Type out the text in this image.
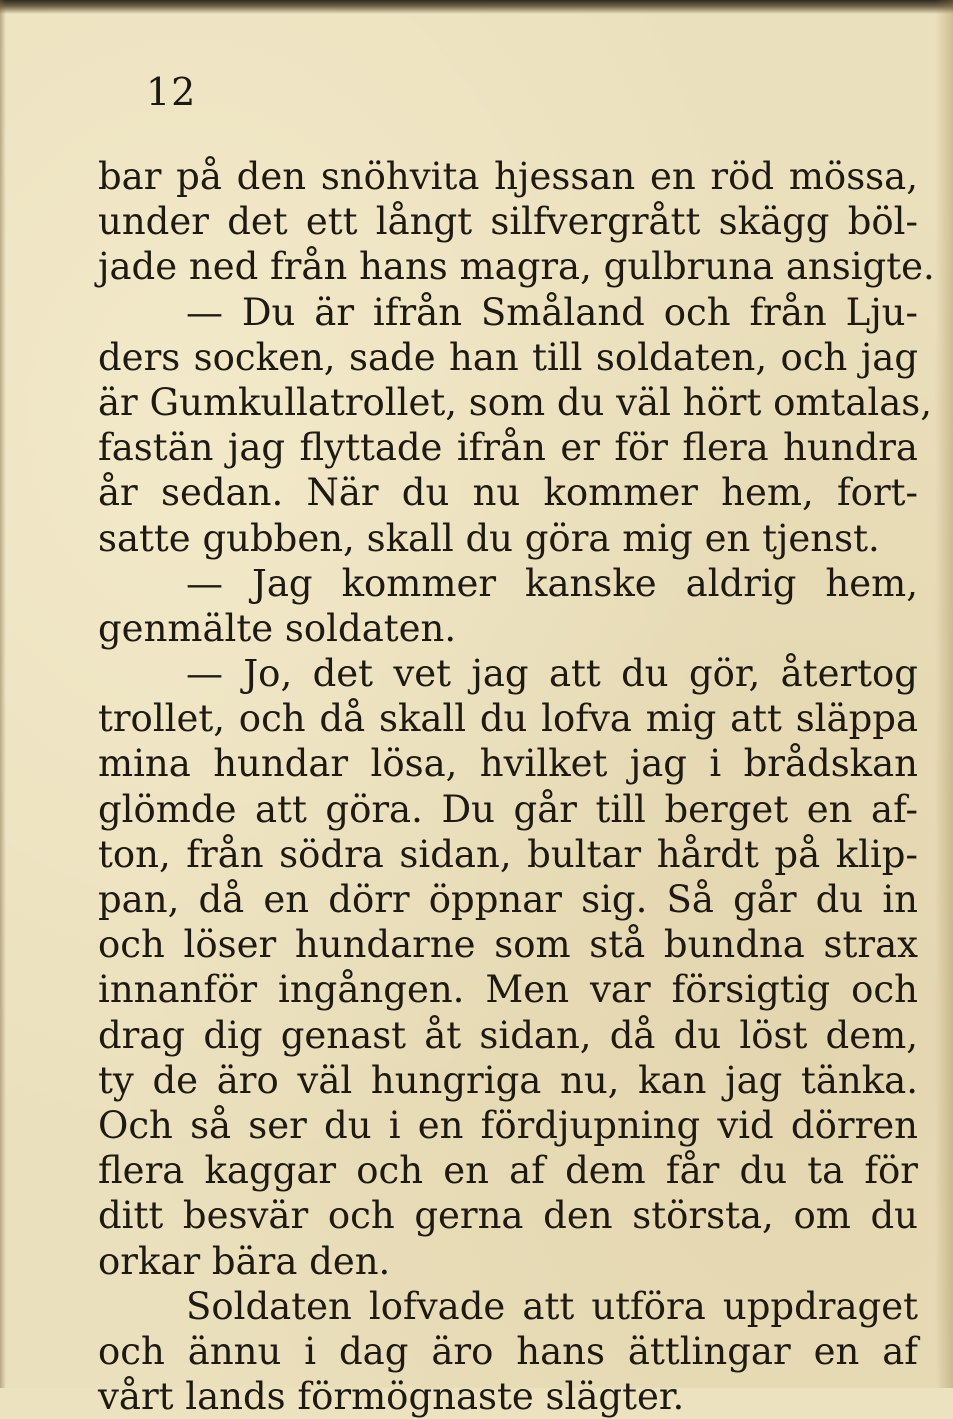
12
bar på den snöhvita hjessan en röd mössa,
under det ett långt silfvergrått skägg böl-
jade ned från hans magra, gulbruna ansigte.
— Du är ifrån Småland och från Lju-
ders socken, sade han till soldaten, och jag
är Gumkullatrollet, som du väl hört omtalas,
fastän jag flyttade ifrån er för flera hundra
år sedan. När du nu kommer hem, fort-
satte gubben, skall du göra mig en tjenst.
— Jag kommer kanske aldrig hem,
genmälte soldaten.
— Jo, det vet jag att du gör, återtog
trollet, och då skall du lofva mig att släppa
mina hundar lösa, hvilket jag i brådskan
glömde att göra. Du går till berget en af-
ton, från södra sidan, bultar hårdt på klip-
pan, då en dörr öppnar sig. Så går du in
och löser hundarne som stå bundna strax
innanför ingången. Men var försigtig och
drag dig genast åt sidan, då du löst dem,
ty de äro väl hungriga nu, kan jag tänka.
Och så ser du i en fördjupning vid dörren
flera kaggar och en af dem får du ta för
ditt besvär och gerna den största, om du
orkar bära den.
Soldaten lofvade att utföra uppdraget
och ännu i dag äro hans ättlingar en af
vårt lands förmögnaste slägter.
